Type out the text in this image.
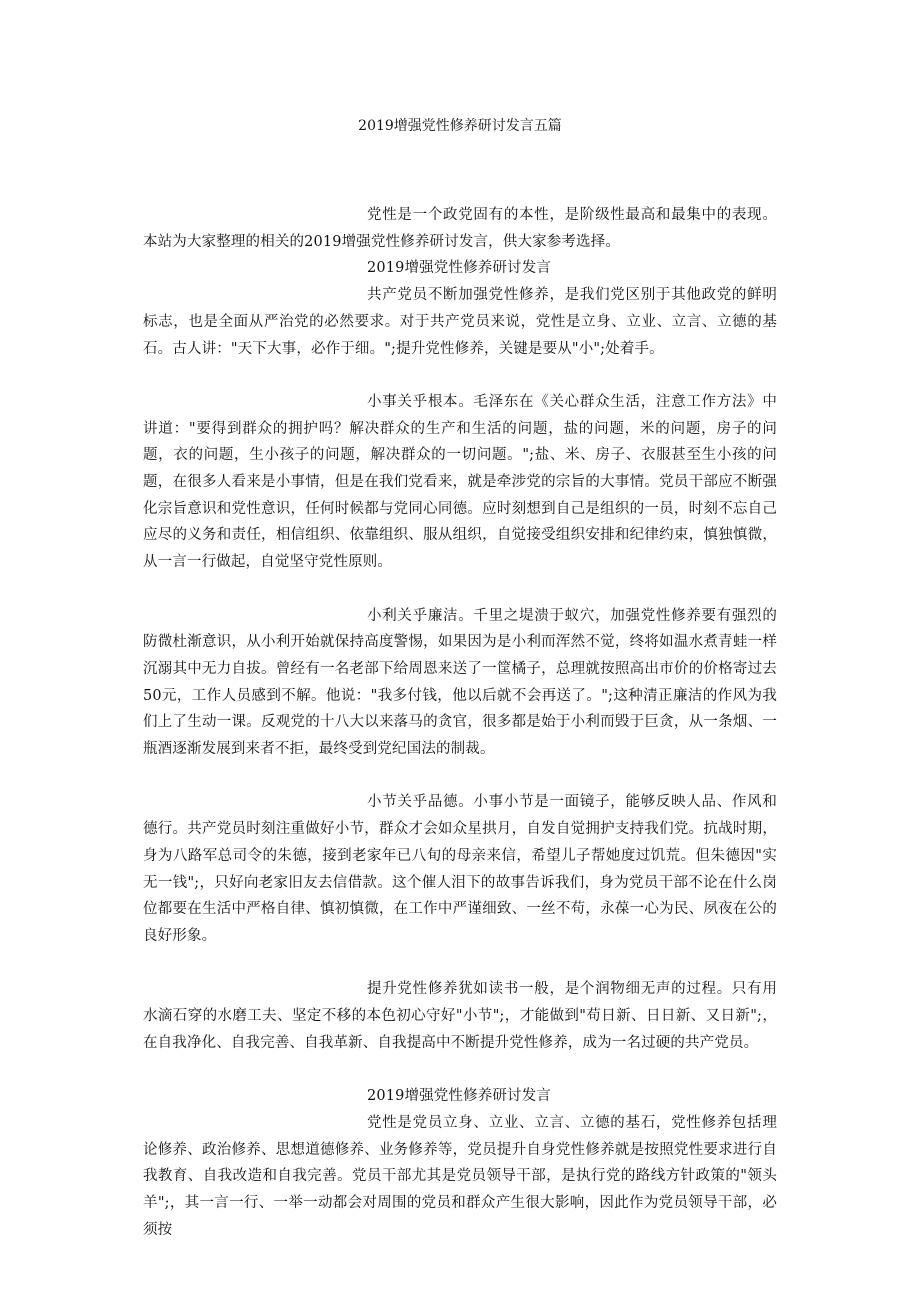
2019增强党性修养研讨发言五篇

党性是一个政党固有的本性，是阶级性最高和最集中的表现。本站为大家整理的相关的2019增强党性修养研讨发言，供大家参考选择。

2019增强党性修养研讨发言

共产党员不断加强党性修养，是我们党区别于其他政党的鲜明标志，也是全面从严治党的必然要求。对于共产党员来说，党性是立身、立业、立言、立德的基石。古人讲："天下大事，必作于细。";提升党性修养，关键是要从"小";处着手。

小事关乎根本。毛泽东在《关心群众生活，注意工作方法》中讲道："要得到群众的拥护吗？解决群众的生产和生活的问题，盐的问题，米的问题，房子的问题，衣的问题，生小孩子的问题，解决群众的一切问题。";盐、米、房子、衣服甚至生小孩的问题，在很多人看来是小事情，但是在我们党看来，就是牵涉党的宗旨的大事情。党员干部应不断强化宗旨意识和党性意识，任何时候都与党同心同德。应时刻想到自己是组织的一员，时刻不忘自己应尽的义务和责任，相信组织、依靠组织、服从组织，自觉接受组织安排和纪律约束，慎独慎微，从一言一行做起，自觉坚守党性原则。

小利关乎廉洁。千里之堤溃于蚁穴，加强党性修养要有强烈的防微杜渐意识，从小利开始就保持高度警惕，如果因为是小利而浑然不觉，终将如温水煮青蛙一样沉溺其中无力自拔。曾经有一名老部下给周恩来送了一筐橘子，总理就按照高出市价的价格寄过去50元，工作人员感到不解。他说："我多付钱，他以后就不会再送了。";这种清正廉洁的作风为我们上了生动一课。反观党的十八大以来落马的贪官，很多都是始于小利而毁于巨贪，从一条烟、一瓶酒逐渐发展到来者不拒，最终受到党纪国法的制裁。

小节关乎品德。小事小节是一面镜子，能够反映人品、作风和德行。共产党员时刻注重做好小节，群众才会如众星拱月，自发自觉拥护支持我们党。抗战时期，身为八路军总司令的朱德，接到老家年已八旬的母亲来信，希望儿子帮她度过饥荒。但朱德因"实无一钱";，只好向老家旧友去信借款。这个催人泪下的故事告诉我们，身为党员干部不论在什么岗位都要在生活中严格自律、慎初慎微，在工作中严谨细致、一丝不苟，永葆一心为民、夙夜在公的良好形象。

提升党性修养犹如读书一般，是个润物细无声的过程。只有用水滴石穿的水磨工夫、坚定不移的本色初心守好"小节";，才能做到"苟日新、日日新、又日新";，在自我净化、自我完善、自我革新、自我提高中不断提升党性修养，成为一名过硬的共产党员。

2019增强党性修养研讨发言

党性是党员立身、立业、立言、立德的基石，党性修养包括理论修养、政治修养、思想道德修养、业务修养等，党员提升自身党性修养就是按照党性要求进行自我教育、自我改造和自我完善。党员干部尤其是党员领导干部，是执行党的路线方针政策的"领头羊";，其一言一行、一举一动都会对周围的党员和群众产生很大影响，因此作为党员领导干部，必须按
